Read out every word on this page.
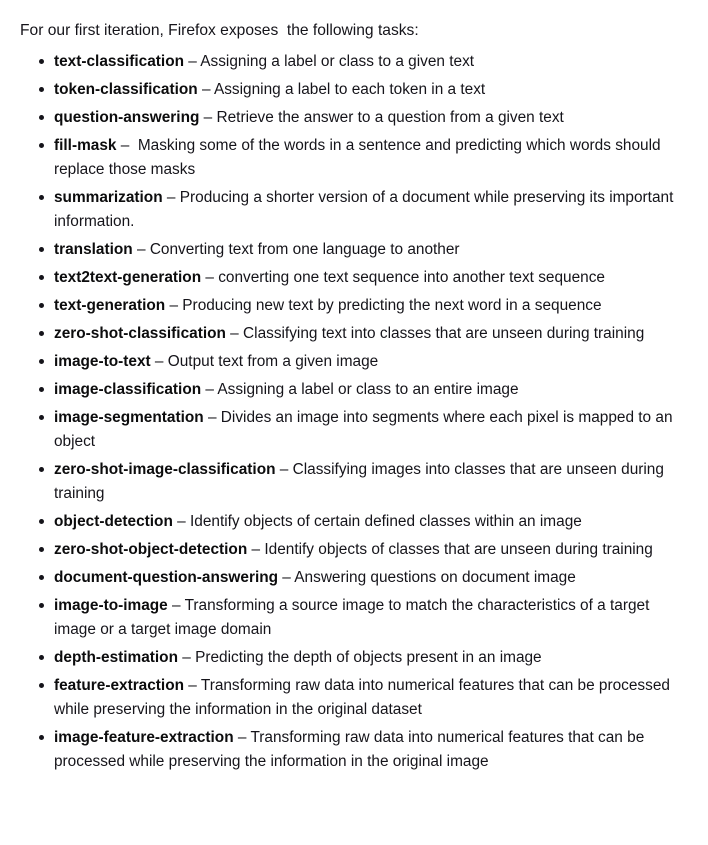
For our first iteration, Firefox exposes  the following tasks:

text-classification – Assigning a label or class to a given text
token-classification – Assigning a label to each token in a text
question-answering – Retrieve the answer to a question from a given text
fill-mask –  Masking some of the words in a sentence and predicting which words should replace those masks
summarization – Producing a shorter version of a document while preserving its important information.
translation – Converting text from one language to another
text2text-generation – converting one text sequence into another text sequence
text-generation – Producing new text by predicting the next word in a sequence
zero-shot-classification – Classifying text into classes that are unseen during training
image-to-text – Output text from a given image
image-classification – Assigning a label or class to an entire image
image-segmentation – Divides an image into segments where each pixel is mapped to an object
zero-shot-image-classification – Classifying images into classes that are unseen during training
object-detection – Identify objects of certain defined classes within an image
zero-shot-object-detection – Identify objects of classes that are unseen during training
document-question-answering – Answering questions on document image
image-to-image – Transforming a source image to match the characteristics of a target image or a target image domain
depth-estimation – Predicting the depth of objects present in an image
feature-extraction – Transforming raw data into numerical features that can be processed while preserving the information in the original dataset
image-feature-extraction – Transforming raw data into numerical features that can be processed while preserving the information in the original image
